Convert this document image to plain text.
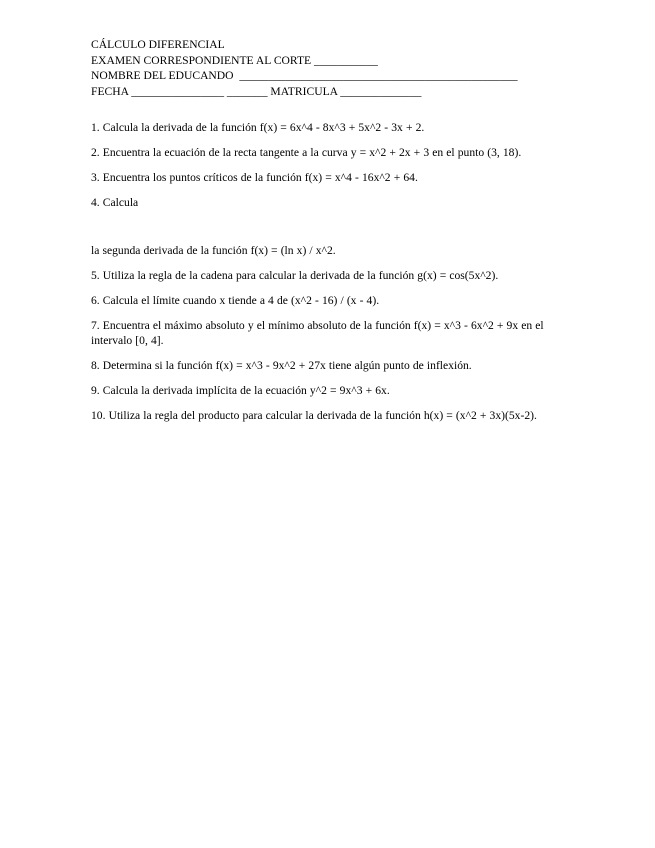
CÁLCULO DIFERENCIAL
EXAMEN CORRESPONDIENTE AL CORTE ___________
NOMBRE DEL EDUCANDO  ________________________________________________
FECHA ________________ _______ MATRICULA ______________

1. Calcula la derivada de la función f(x) = 6x^4 - 8x^3 + 5x^2 - 3x + 2.

2. Encuentra la ecuación de la recta tangente a la curva y = x^2 + 2x + 3 en el punto (3, 18).

3. Encuentra los puntos críticos de la función f(x) = x^4 - 16x^2 + 64.

4. Calcula

la segunda derivada de la función f(x) = (ln x) / x^2.

5. Utiliza la regla de la cadena para calcular la derivada de la función g(x) = cos(5x^2).

6. Calcula el límite cuando x tiende a 4 de (x^2 - 16) / (x - 4).

7. Encuentra el máximo absoluto y el mínimo absoluto de la función f(x) = x^3 - 6x^2 + 9x en el intervalo [0, 4].

8. Determina si la función f(x) = x^3 - 9x^2 + 27x tiene algún punto de inflexión.

9. Calcula la derivada implícita de la ecuación y^2 = 9x^3 + 6x.

10. Utiliza la regla del producto para calcular la derivada de la función h(x) = (x^2 + 3x)(5x-2).
